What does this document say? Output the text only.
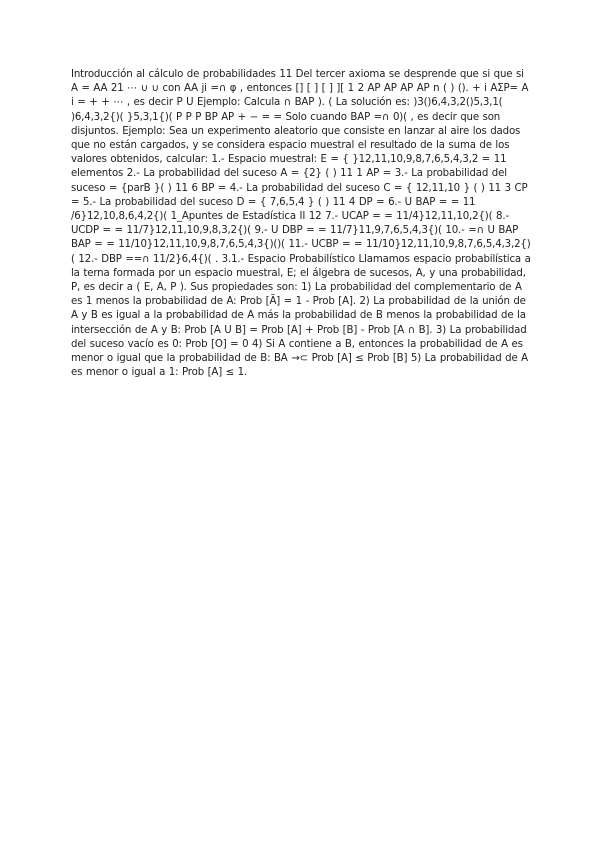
Introducción al cálculo de probabilidades 11 Del tercer axioma se desprende que si que si A = AA 21 ⋯ ∪ ∪ con AA ji =∩ φ , entonces [] [ ] [ ] ][ 1 2 AP AP AP AP n ( ) (). + i AΣP= A i = + + ⋯ , es decir P U Ejemplo: Calcula ∩ BAP ). ( La solución es: )3()6,4,3,2()5,3,1( )6,4,3,2{)( }5,3,1{)( P P P BP AP + − = = Solo cuando BAP =∩ 0)( , es decir que son disjuntos. Ejemplo: Sea un experimento aleatorio que consiste en lanzar al aire los dados que no están cargados, y se considera espacio muestral el resultado de la suma de los valores obtenidos, calcular: 1.- Espacio muestral: E = { }12,11,10,9,8,7,6,5,4,3,2 = 11 elementos 2.- La probabilidad del suceso A = {2} ( ) 11 1 AP = 3.- La probabilidad del suceso = {parB }( ) 11 6 BP = 4.- La probabilidad del suceso C = { 12,11,10 } ( ) 11 3 CP = 5.- La probabilidad del suceso D = { 7,6,5,4 } ( ) 11 4 DP = 6.- U BAP = = 11 /6}12,10,8,6,4,2{)( 1_Apuntes de Estadística II 12 7.- UCAP = = 11/4}12,11,10,2{)( 8.- UCDP = = 11/7}12,11,10,9,8,3,2{)( 9.- U DBP = = 11/7}11,9,7,6,5,4,3{)( 10.- =∩ U BAP BAP = = 11/10}12,11,10,9,8,7,6,5,4,3{)()( 11.- UCBP = = 11/10}12,11,10,9,8,7,6,5,4,3,2{)( 12.- DBP ==∩ 11/2}6,4{)( . 3.1.- Espacio Probabilístico Llamamos espacio probabilística a la terna formada por un espacio muestral, E; el álgebra de sucesos, A, y una probabilidad, P, es decir a ( E, A, P ). Sus propiedades son: 1) La probabilidad del complementario de A es 1 menos la probabilidad de A: Prob [Ã] = 1 - Prob [A]. 2) La probabilidad de la unión de A y B es igual a la probabilidad de A más la probabilidad de B menos la probabilidad de la intersección de A y B: Prob [A U B] = Prob [A] + Prob [B] - Prob [A ∩ B]. 3) La probabilidad del suceso vacío es 0: Prob [O] = 0 4) Si A contiene a B, entonces la probabilidad de A es menor o igual que la probabilidad de B: BA →⊂ Prob [A] ≤ Prob [B] 5) La probabilidad de A es menor o igual a 1: Prob [A] ≤ 1.
